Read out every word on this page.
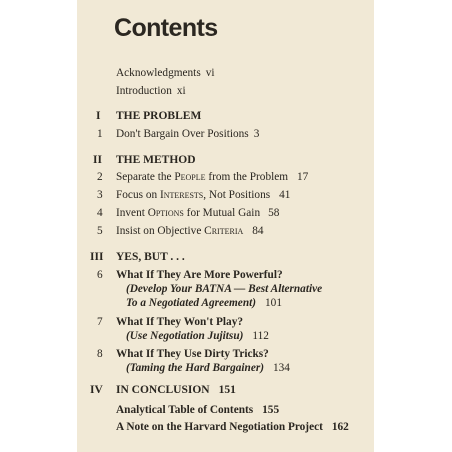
Contents
Acknowledgments vi
Introduction xi
I THE PROBLEM
1 Don't Bargain Over Positions 3
II THE METHOD
2 Separate the People from the Problem 17
3 Focus on Interests, Not Positions 41
4 Invent Options for Mutual Gain 58
5 Insist on Objective Criteria 84
III YES, BUT . . .
6 What If They Are More Powerful?
(Develop Your BATNA — Best Alternative
To a Negotiated Agreement) 101
7 What If They Won't Play?
(Use Negotiation Jujitsu) 112
8 What If They Use Dirty Tricks?
(Taming the Hard Bargainer) 134
IV IN CONCLUSION 151
Analytical Table of Contents 155
A Note on the Harvard Negotiation Project 162
